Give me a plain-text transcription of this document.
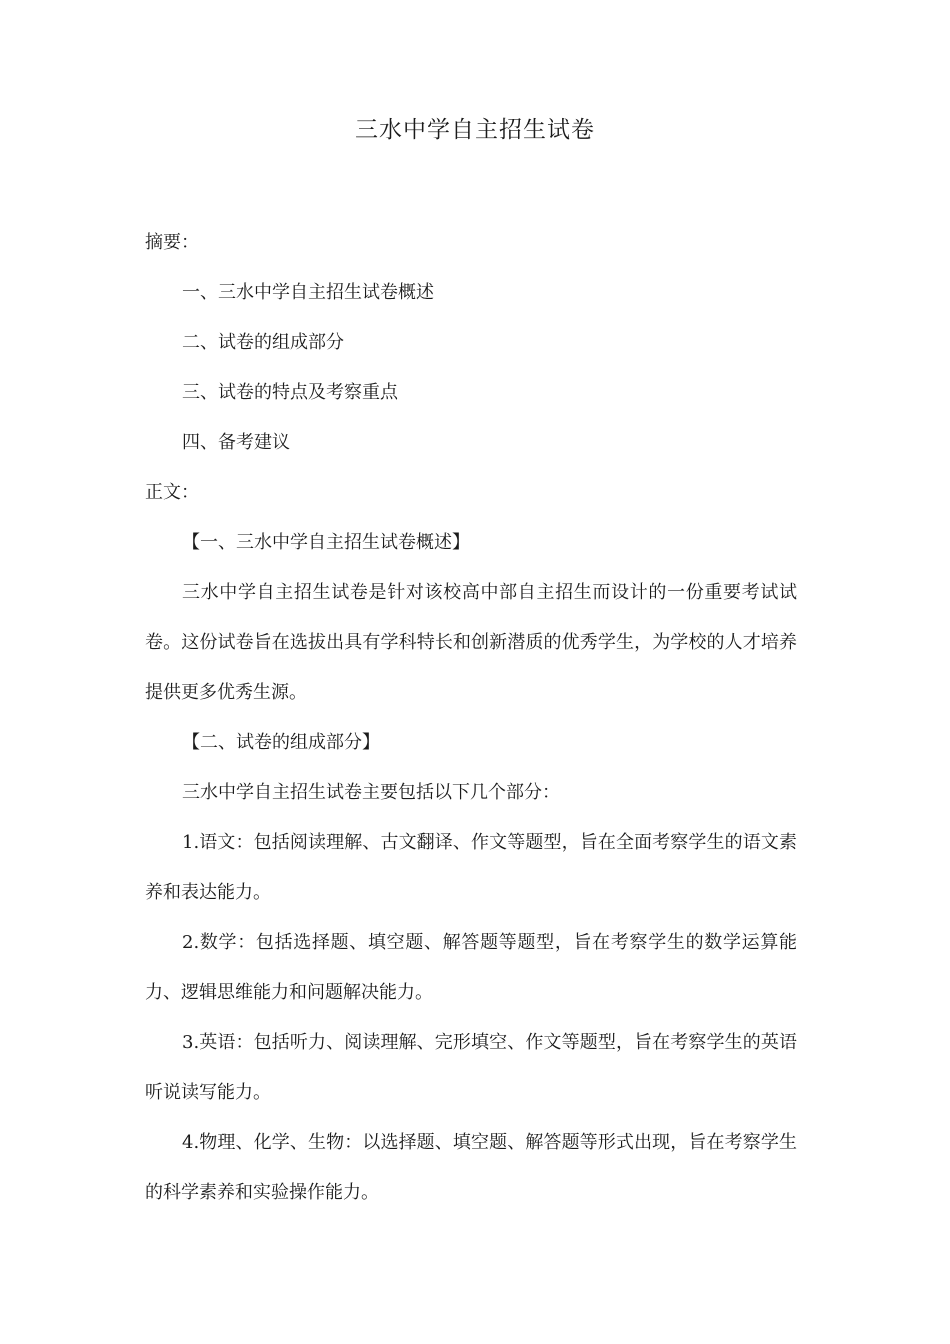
三水中学自主招生试卷

摘要：

一、三水中学自主招生试卷概述

二、试卷的组成部分

三、试卷的特点及考察重点

四、备考建议

正文：

【一、三水中学自主招生试卷概述】

三水中学自主招生试卷是针对该校高中部自主招生而设计的一份重要考试试卷。这份试卷旨在选拔出具有学科特长和创新潜质的优秀学生，为学校的人才培养提供更多优秀生源。

【二、试卷的组成部分】

三水中学自主招生试卷主要包括以下几个部分：

1.语文：包括阅读理解、古文翻译、作文等题型，旨在全面考察学生的语文素养和表达能力。

2.数学：包括选择题、填空题、解答题等题型，旨在考察学生的数学运算能力、逻辑思维能力和问题解决能力。

3.英语：包括听力、阅读理解、完形填空、作文等题型，旨在考察学生的英语听说读写能力。

4.物理、化学、生物：以选择题、填空题、解答题等形式出现，旨在考察学生的科学素养和实验操作能力。
